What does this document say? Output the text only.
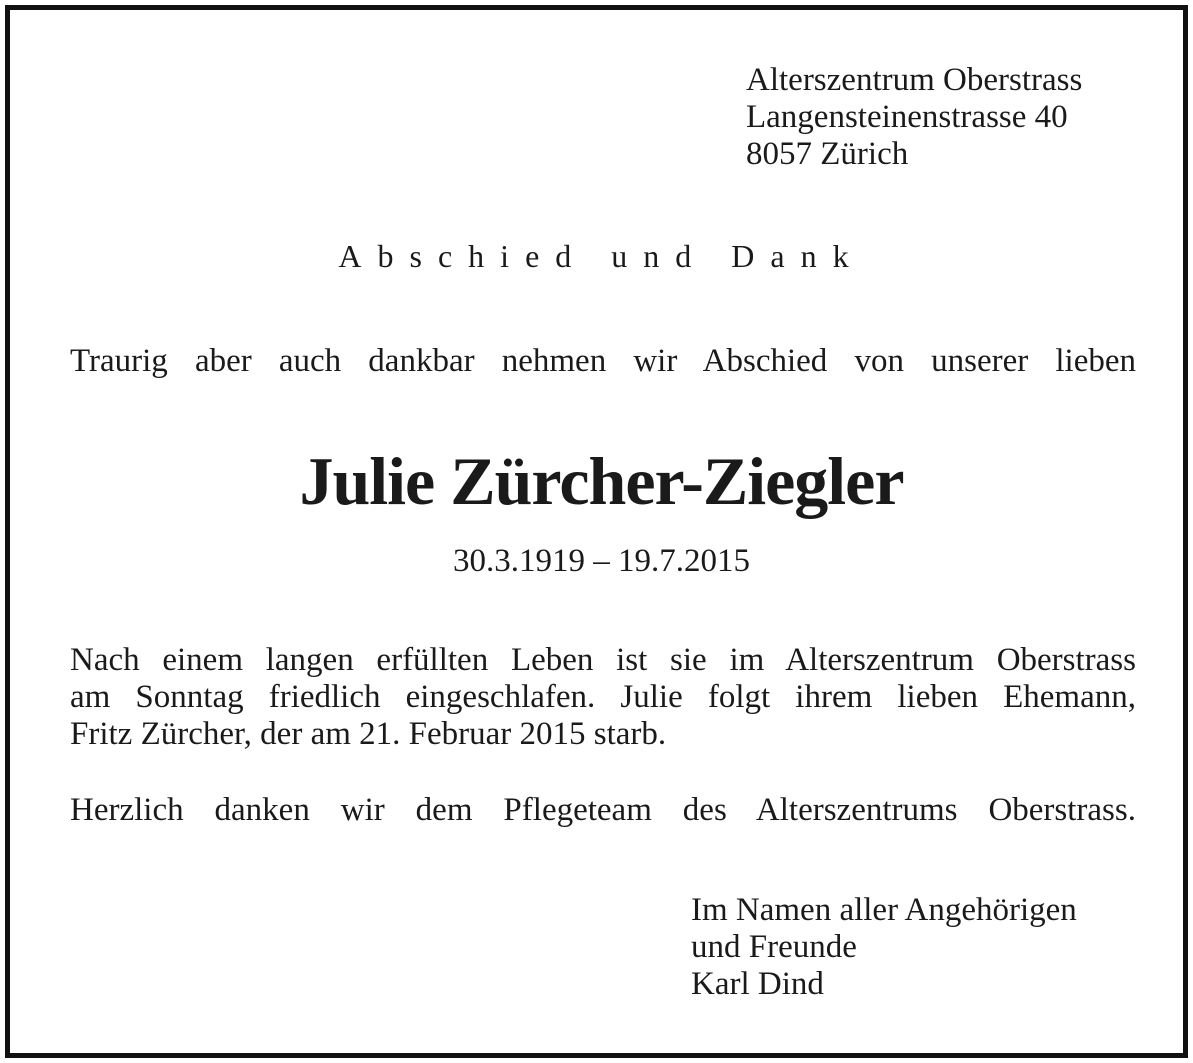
Alterszentrum Oberstrass
Langensteinenstrasse 40
8057 Zürich
Abschied und Dank
Traurig aber auch dankbar nehmen wir Abschied von unserer lieben
Julie Zürcher-Ziegler
30.3.1919 – 19.7.2015
Nach einem langen erfüllten Leben ist sie im Alterszentrum Oberstrass
am Sonntag friedlich eingeschlafen. Julie folgt ihrem lieben Ehemann,
Fritz Zürcher, der am 21. Februar 2015 starb.
Herzlich danken wir dem Pflegeteam des Alterszentrums Oberstrass.
Im Namen aller Angehörigen
und Freunde
Karl Dind
